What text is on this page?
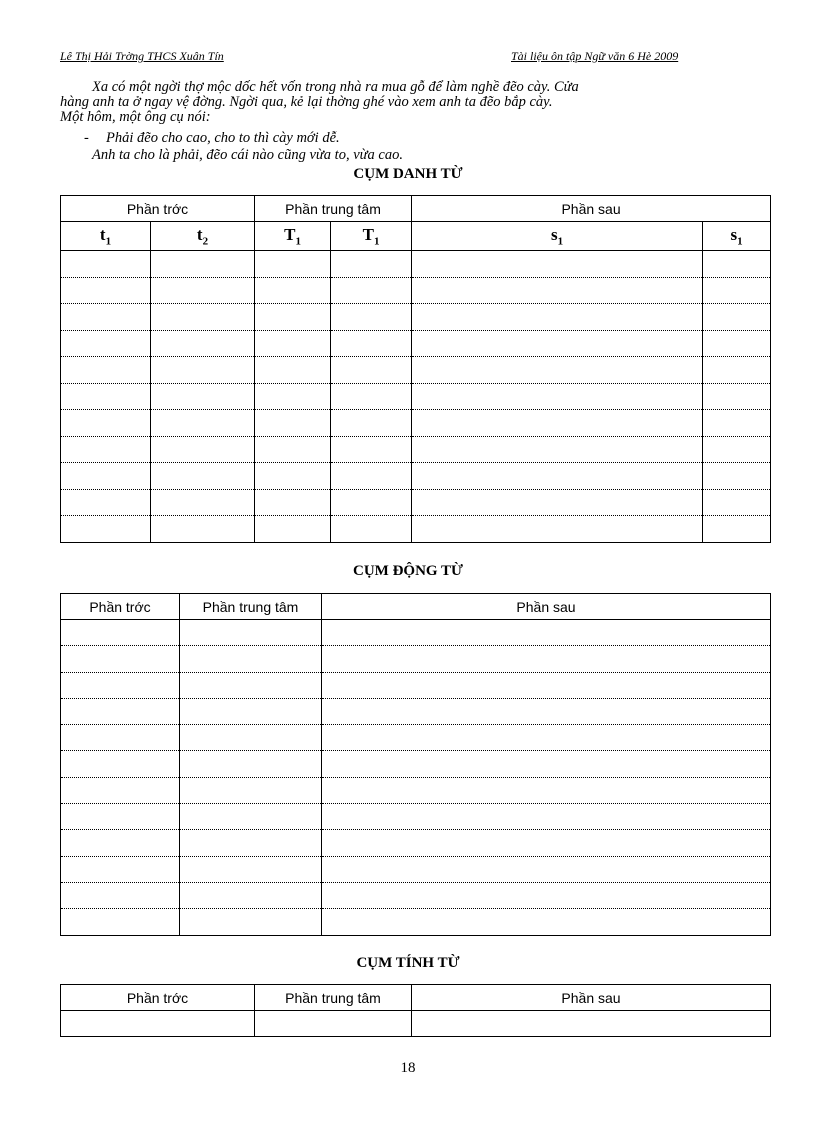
Lê Thị Hải Trờng THCS Xuân Tín	Tài liệu ôn tập Ngữ văn 6 Hè 2009

Xa có một ngời thợ mộc dốc hết vốn trong nhà ra mua gỗ để làm nghề đẽo cày. Cửa

hàng anh ta ở ngay vệ đờng. Ngời qua, kẻ lại thờng ghé vào xem anh ta đẽo bắp cày.

Một hôm, một ông cụ nói:

- Phải đẽo cho cao, cho to thì cày mới dễ.
Anh ta cho là phải, đẽo cái nào cũng vừa to, vừa cao.
CỤM DANH TỪ
Phần trớc		Phần trung tâm		Phần sau	
$t_1$	$t_2$	$T_1$	$T_1$	$s_1$	$s_1$

CỤM ĐỘNG TỪ
Phần trớc	Phần trung tâm	Phần sau

CỤM TÍNH TỪ
Phần trớc	Phần trung tâm	Phần sau

18
